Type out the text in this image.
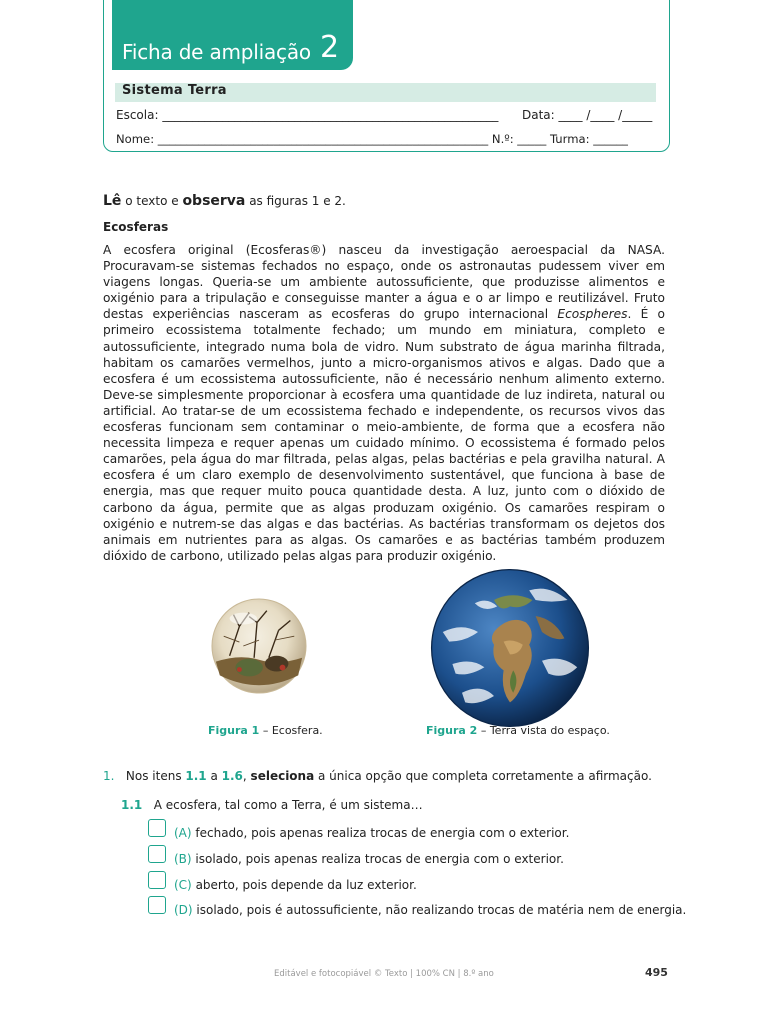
Ficha de ampliação 2
Sistema Terra
Escola: ________________________________________________________ Data: ____ /____ /_____
Nome: _________________________________________________________ N.º: _____ Turma: ______
Lê o texto e observa as figuras 1 e 2.
Ecosferas
A ecosfera original (Ecosferas®) nasceu da investigação aeroespacial da NASA. Procuravam-se sistemas fechados no espaço, onde os astronautas pudessem viver em viagens longas. Queria-se um ambiente autossuficiente, que produzisse alimentos e oxigénio para a tripulação e conseguisse manter a água e o ar limpo e reutilizável. Fruto destas experiências nasceram as ecosferas do grupo internacional Ecospheres. É o primeiro ecossistema totalmente fechado; um mundo em miniatura, completo e autossuficiente, integrado numa bola de vidro. Num substrato de água marinha filtrada, habitam os camarões vermelhos, junto a micro-organismos ativos e algas. Dado que a ecosfera é um ecossistema autossuficiente, não é necessário nenhum alimento externo. Deve-se simplesmente proporcionar à ecosfera uma quantidade de luz indireta, natural ou artificial. Ao tratar-se de um ecossistema fechado e independente, os recursos vivos das ecosferas funcionam sem contaminar o meio-ambiente, de forma que a ecosfera não necessita limpeza e requer apenas um cuidado mínimo. O ecossistema é formado pelos camarões, pela água do mar filtrada, pelas algas, pelas bactérias e pela gravilha natural. A ecosfera é um claro exemplo de desenvolvimento sustentável, que funciona à base de energia, mas que requer muito pouca quantidade desta. A luz, junto com o dióxido de carbono da água, permite que as algas produzam oxigénio. Os camarões respiram o oxigénio e nutrem-se das algas e das bactérias. As bactérias transformam os dejetos dos animais em nutrientes para as algas. Os camarões e as bactérias também produzem dióxido de carbono, utilizado pelas algas para produzir oxigénio.
Figura 1 – Ecosfera.	Figura 2 – Terra vista do espaço.
1. Nos itens 1.1 a 1.6, seleciona a única opção que completa corretamente a afirmação.
1.1 A ecosfera, tal como a Terra, é um sistema…
(A) fechado, pois apenas realiza trocas de energia com o exterior.
(B) isolado, pois apenas realiza trocas de energia com o exterior.
(C) aberto, pois depende da luz exterior.
(D) isolado, pois é autossuficiente, não realizando trocas de matéria nem de energia.
Editável e fotocopiável © Texto | 100% CN | 8.º ano	495
